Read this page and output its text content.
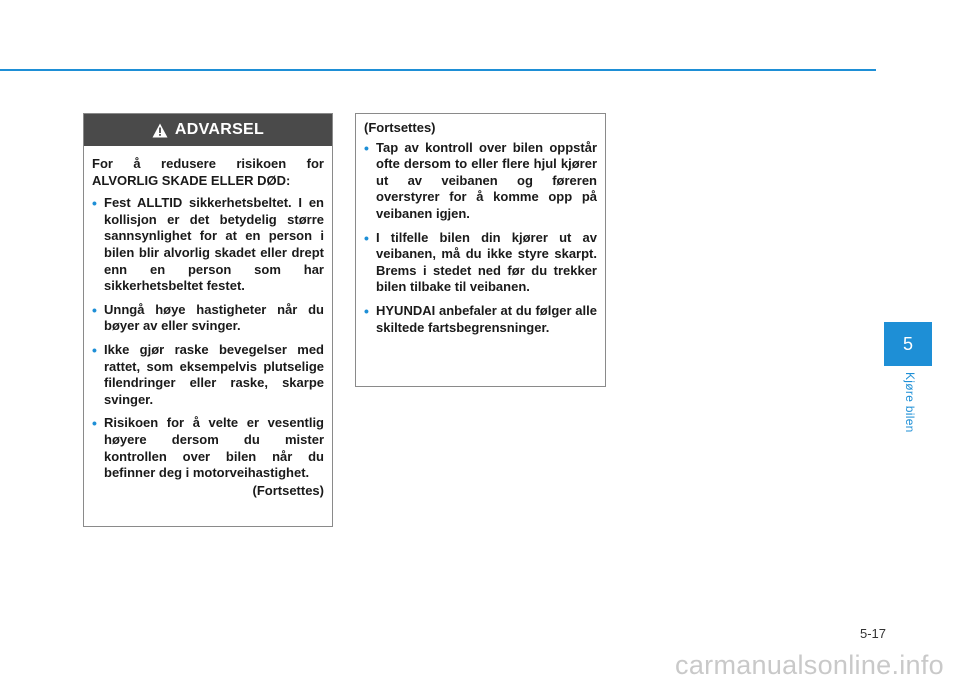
ADVARSEL

For å redusere risikoen for ALVORLIG SKADE ELLER DØD:

• Fest ALLTID sikkerhetsbeltet. I en kollisjon er det betydelig større sannsynlighet for at en person i bilen blir alvorlig skadet eller drept enn en person som har sikkerhetsbeltet festet.
• Unngå høye hastigheter når du bøyer av eller svinger.
• Ikke gjør raske bevegelser med rattet, som eksempelvis plutselige filendringer eller raske, skarpe svinger.
• Risikoen for å velte er vesentlig høyere dersom du mister kontrollen over bilen når du befinner deg i motorveihastighet.
(Fortsettes)

(Fortsettes)

• Tap av kontroll over bilen oppstår ofte dersom to eller flere hjul kjører ut av veibanen og føreren overstyrer for å komme opp på veibanen igjen.
• I tilfelle bilen din kjører ut av veibanen, må du ikke styre skarpt. Brems i stedet ned før du trekker bilen tilbake til veibanen.
• HYUNDAI anbefaler at du følger alle skiltede fartsbegrensninger.
5
Kjøre bilen
5-17
carmanualsonline.info
